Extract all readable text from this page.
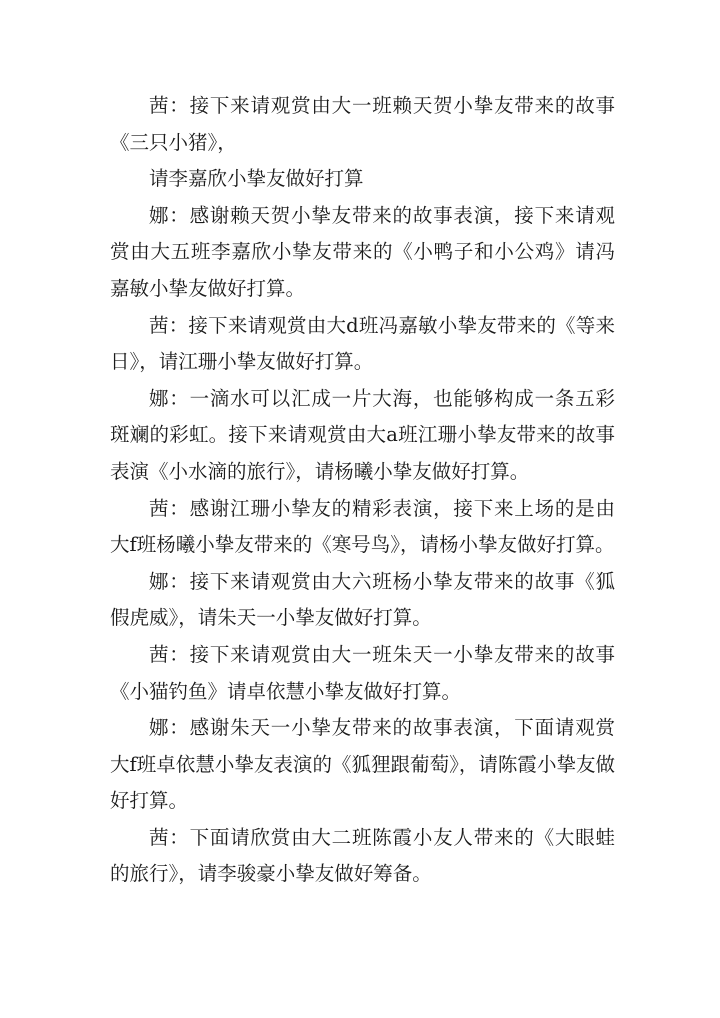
茜：接下来请观赏由大一班赖天贺小挚友带来的故事《三只小猪》，

请李嘉欣小挚友做好打算

娜：感谢赖天贺小挚友带来的故事表演，接下来请观赏由大五班李嘉欣小挚友带来的《小鸭子和小公鸡》请冯嘉敏小挚友做好打算。

茜：接下来请观赏由大d班冯嘉敏小挚友带来的《等来日》，请江珊小挚友做好打算。

娜：一滴水可以汇成一片大海，也能够构成一条五彩斑斓的彩虹。接下来请观赏由大a班江珊小挚友带来的故事表演《小水滴的旅行》，请杨曦小挚友做好打算。

茜：感谢江珊小挚友的精彩表演，接下来上场的是由大f班杨曦小挚友带来的《寒号鸟》，请杨小挚友做好打算。

娜：接下来请观赏由大六班杨小挚友带来的故事《狐假虎威》，请朱天一小挚友做好打算。

茜：接下来请观赏由大一班朱天一小挚友带来的故事《小猫钓鱼》请卓依慧小挚友做好打算。

娜：感谢朱天一小挚友带来的故事表演，下面请观赏大f班卓依慧小挚友表演的《狐狸跟葡萄》，请陈霞小挚友做好打算。

茜：下面请欣赏由大二班陈霞小友人带来的《大眼蛙的旅行》，请李骏豪小挚友做好筹备。
